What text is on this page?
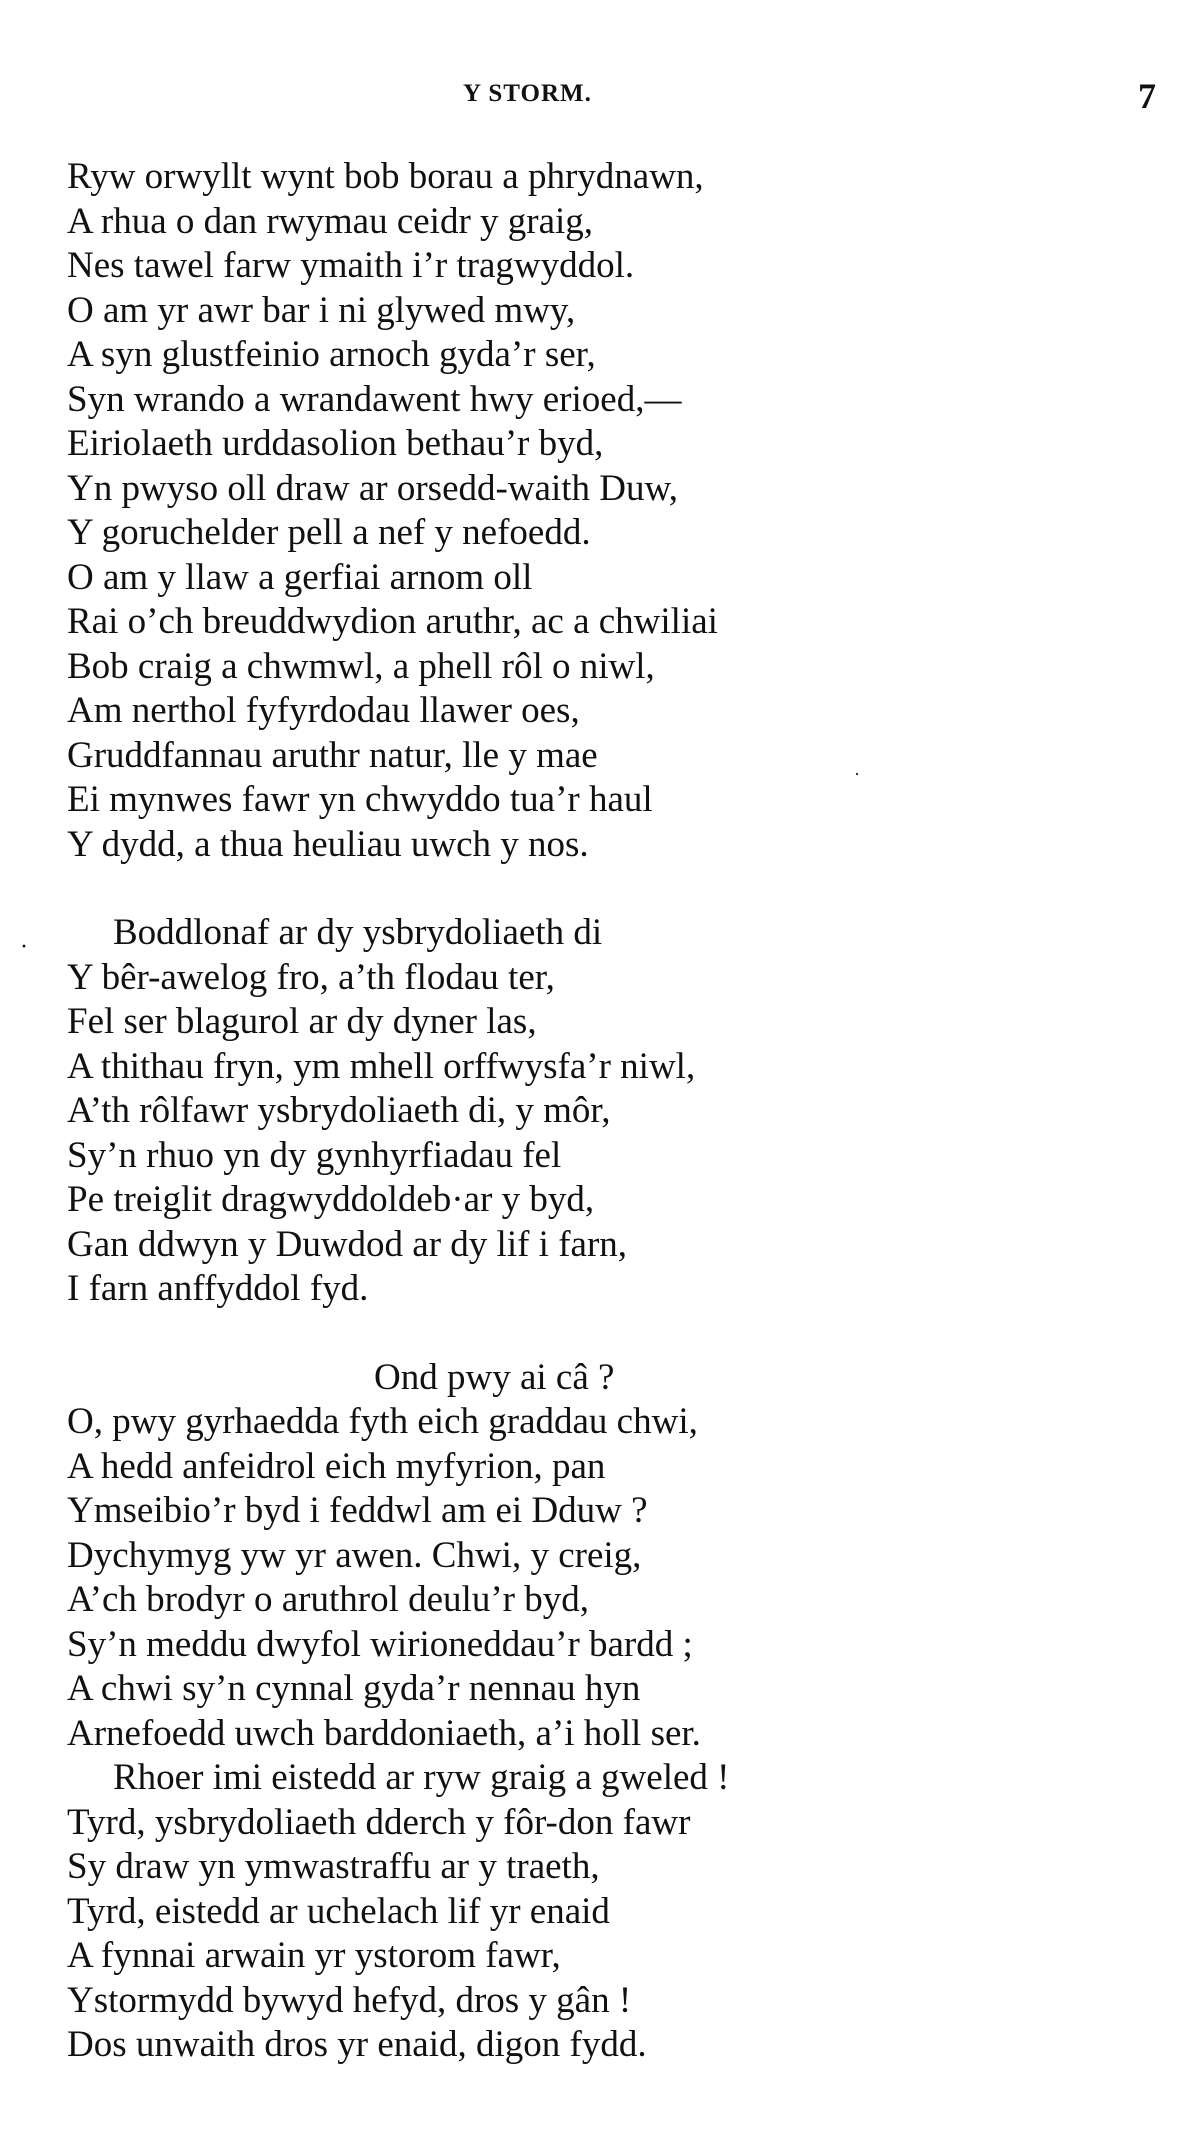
Y STORM.	7
·
·
Ryw orwyllt wynt bob borau a phrydnawn,
A rhua o dan rwymau ceidr y graig,
Nes tawel farw ymaith i’r tragwyddol.
O am yr awr bar i ni glywed mwy,
A syn glustfeinio arnoch gyda’r ser,
Syn wrando a wrandawent hwy erioed,—
Eiriolaeth urddasolion bethau’r byd,
Yn pwyso oll draw ar orsedd-waith Duw,
Y goruchelder pell a nef y nefoedd.
O am y llaw a gerfiai arnom oll
Rai o’ch breuddwydion aruthr, ac a chwiliai
Bob craig a chwmwl, a phell rôl o niwl,
Am nerthol fyfyrdodau llawer oes,
Gruddfannau aruthr natur, lle y mae
Ei mynwes fawr yn chwyddo tua’r haul
Y dydd, a thua heuliau uwch y nos.
Boddlonaf ar dy ysbrydoliaeth di
Y bêr-awelog fro, a’th flodau ter,
Fel ser blagurol ar dy dyner las,
A thithau fryn, ym mhell orffwysfa’r niwl,
A’th rôlfawr ysbrydoliaeth di, y môr,
Sy’n rhuo yn dy gynhyrfiadau fel
Pe treiglit dragwyddoldeb·ar y byd,
Gan ddwyn y Duwdod ar dy lif i farn,
I farn anffyddol fyd.
Ond pwy ai câ ?
O, pwy gyrhaedda fyth eich graddau chwi,
A hedd anfeidrol eich myfyrion, pan
Ymseibio’r byd i feddwl am ei Dduw ?
Dychymyg yw yr awen. Chwi, y creig,
A’ch brodyr o aruthrol deulu’r byd,
Sy’n meddu dwyfol wirioneddau’r bardd ;
A chwi sy’n cynnal gyda’r nennau hyn
Arnefoedd uwch barddoniaeth, a’i holl ser.
Rhoer imi eistedd ar ryw graig a gweled !
Tyrd, ysbrydoliaeth dderch y fôr-don fawr
Sy draw yn ymwastraffu ar y traeth,
Tyrd, eistedd ar uchelach lif yr enaid
A fynnai arwain yr ystorom fawr,
Ystormydd bywyd hefyd, dros y gân !
Dos unwaith dros yr enaid, digon fydd.
